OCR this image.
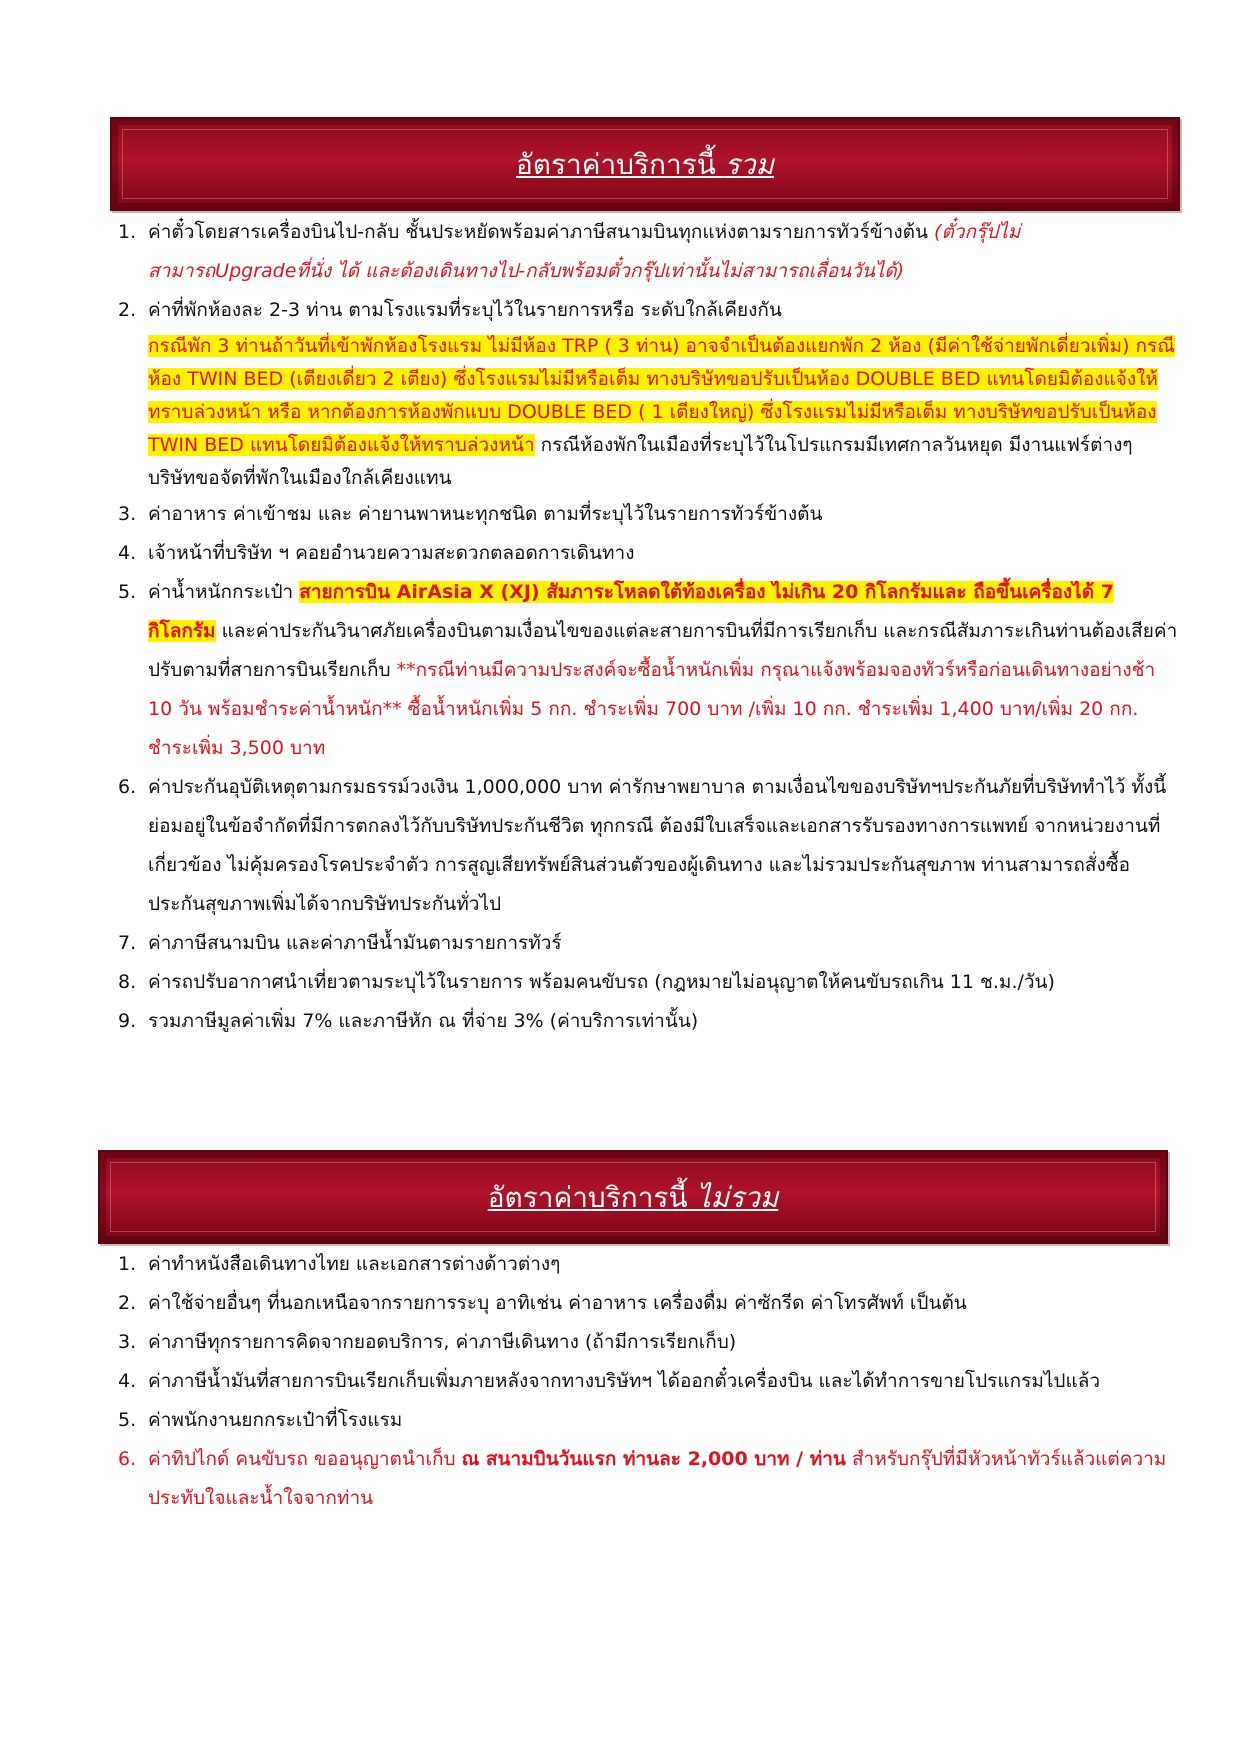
อัตราค่าบริการนี้ รวม
1. ค่าตั๋วโดยสารเครื่องบินไป-กลับ ชั้นประหยัดพร้อมค่าภาษีสนามบินทุกแห่งตามรายการทัวร์ข้างต้น (ตั๋วกรุ๊ปไม่สามารถUpgradeที่นั่ง ได้ และต้องเดินทางไป-กลับพร้อมตั๋วกรุ๊ปเท่านั้นไม่สามารถเลื่อนวันได้)
2. ค่าที่พักห้องละ 2-3 ท่าน ตามโรงแรมที่ระบุไว้ในรายการหรือ ระดับใกล้เคียงกัน
กรณีพัก 3 ท่านถ้าวันที่เข้าพักห้องโรงแรม ไม่มีห้อง TRP ( 3 ท่าน) อาจจำเป็นต้องแยกพัก 2 ห้อง (มีค่าใช้จ่ายพักเดี่ยวเพิ่ม) กรณีห้อง TWIN BED (เตียงเดี่ยว 2 เตียง) ซึ่งโรงแรมไม่มีหรือเต็ม ทางบริษัทขอปรับเป็นห้อง DOUBLE BED แทนโดยมิต้องแจ้งให้ทราบล่วงหน้า หรือ หากต้องการห้องพักแบบ DOUBLE BED ( 1 เตียงใหญ่) ซึ่งโรงแรมไม่มีหรือเต็ม ทางบริษัทขอปรับเป็นห้อง TWIN BED แทนโดยมิต้องแจ้งให้ทราบล่วงหน้า กรณีห้องพักในเมืองที่ระบุไว้ในโปรแกรมมีเทศกาลวันหยุด มีงานแฟร์ต่างๆ บริษัทขอจัดที่พักในเมืองใกล้เคียงแทน
3. ค่าอาหาร ค่าเข้าชม และ ค่ายานพาหนะทุกชนิด ตามที่ระบุไว้ในรายการทัวร์ข้างต้น
4. เจ้าหน้าที่บริษัท ฯ คอยอำนวยความสะดวกตลอดการเดินทาง
5. ค่าน้ำหนักกระเป๋า สายการบิน AirAsia X (XJ) สัมภาระโหลดใต้ท้องเครื่อง ไม่เกิน 20 กิโลกรัมและ ถือขึ้นเครื่องได้ 7 กิโลกรัม และค่าประกันวินาศภัยเครื่องบินตามเงื่อนไขของแต่ละสายการบินที่มีการเรียกเก็บ และกรณีสัมภาระเกินท่านต้องเสียค่าปรับตามที่สายการบินเรียกเก็บ **กรณีท่านมีความประสงค์จะซื้อน้ำหนักเพิ่ม กรุณาแจ้งพร้อมจองทัวร์หรือก่อนเดินทางอย่างช้า 10 วัน พร้อมชำระค่าน้ำหนัก** ซื้อน้ำหนักเพิ่ม 5 กก. ชำระเพิ่ม 700 บาท /เพิ่ม 10 กก. ชำระเพิ่ม 1,400 บาท/เพิ่ม 20 กก. ชำระเพิ่ม 3,500 บาท
6. ค่าประกันอุบัติเหตุตามกรมธรรม์วงเงิน 1,000,000 บาท ค่ารักษาพยาบาล ตามเงื่อนไขของบริษัทฯประกันภัยที่บริษัททำไว้ ทั้งนี้ย่อมอยู่ในข้อจำกัดที่มีการตกลงไว้กับบริษัทประกันชีวิต ทุกกรณี ต้องมีใบเสร็จและเอกสารรับรองทางการแพทย์ จากหน่วยงานที่เกี่ยวข้อง ไม่คุ้มครองโรคประจำตัว การสูญเสียทรัพย์สินส่วนตัวของผู้เดินทาง และไม่รวมประกันสุขภาพ ท่านสามารถสั่งซื้อประกันสุขภาพเพิ่มได้จากบริษัทประกันทั่วไป
7. ค่าภาษีสนามบิน และค่าภาษีน้ำมันตามรายการทัวร์
8. ค่ารถปรับอากาศนำเที่ยวตามระบุไว้ในรายการ พร้อมคนขับรถ (กฎหมายไม่อนุญาตให้คนขับรถเกิน 11 ช.ม./วัน)
9. รวมภาษีมูลค่าเพิ่ม 7% และภาษีหัก ณ ที่จ่าย 3% (ค่าบริการเท่านั้น)
อัตราค่าบริการนี้ ไม่รวม
1. ค่าทำหนังสือเดินทางไทย และเอกสารต่างด้าวต่างๆ
2. ค่าใช้จ่ายอื่นๆ ที่นอกเหนือจากรายการระบุ อาทิเช่น ค่าอาหาร เครื่องดื่ม ค่าซักรีด ค่าโทรศัพท์ เป็นต้น
3. ค่าภาษีทุกรายการคิดจากยอดบริการ, ค่าภาษีเดินทาง (ถ้ามีการเรียกเก็บ)
4. ค่าภาษีน้ำมันที่สายการบินเรียกเก็บเพิ่มภายหลังจากทางบริษัทฯ ได้ออกตั๋วเครื่องบิน และได้ทำการขายโปรแกรมไปแล้ว
5. ค่าพนักงานยกกระเป๋าที่โรงแรม
6. ค่าทิปไกด์ คนขับรถ ขออนุญาตนำเก็บ ณ สนามบินวันแรก ท่านละ 2,000 บาท / ท่าน สำหรับกรุ๊ปที่มีหัวหน้าทัวร์แล้วแต่ความประทับใจและน้ำใจจากท่าน
